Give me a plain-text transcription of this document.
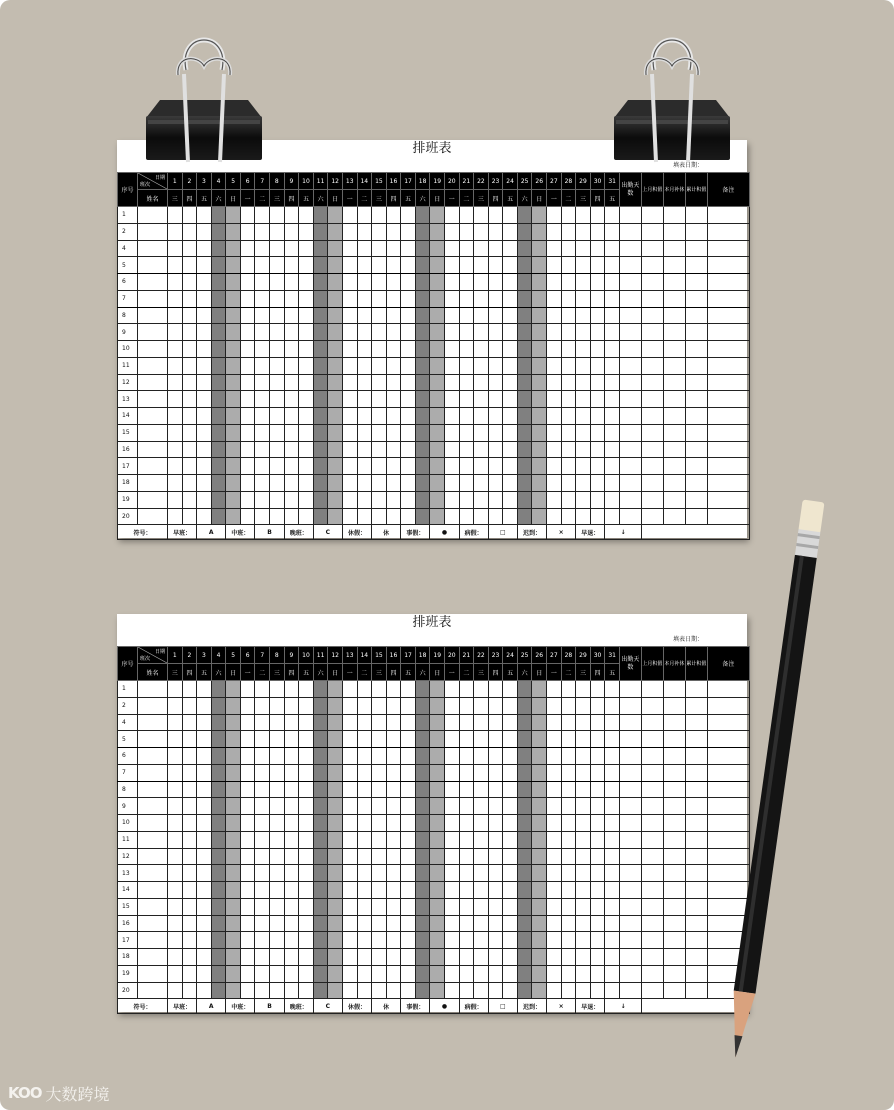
排班表
填表日期：
序号	日期
班次	1	2	3	4	5	6	7	8	9	10	11	12	13	14	15	16	17	18	19	20	21	22	23	24	25	26	27	28	29	30	31	出勤天数	上月积假	本月补休	累计积假	备注
	姓名	三	四	五	六	日	一	二	三	四	五	六	日	一	二	三	四	五	六	日	一	二	三	四	五	六	日	一	二	三	四	五					
1																																					
2																																					
4																																					
5																																					
6																																					
7																																					
8																																					
9																																					
10																																					
11																																					
12																																					
13																																					
14																																					
15																																					
16																																					
17																																					
18																																					
19																																					
20																																					
符号：		早班：		A		中班：		B		晚班：		C		休假：		休		事假：		●		病假：		□		迟到：		×		早退：		↓					
排班表
填表日期：
序号	日期
班次	1	2	3	4	5	6	7	8	9	10	11	12	13	14	15	16	17	18	19	20	21	22	23	24	25	26	27	28	29	30	31	出勤天数	上月积假	本月补休	累计积假	备注
	姓名	三	四	五	六	日	一	二	三	四	五	六	日	一	二	三	四	五	六	日	一	二	三	四	五	六	日	一	二	三	四	五					
1																																					
2																																					
4																																					
5																																					
6																																					
7																																					
8																																					
9																																					
10																																					
11																																					
12																																					
13																																					
14																																					
15																																					
16																																					
17																																					
18																																					
19																																					
20																																					
符号：		早班：		A		中班：		B		晚班：		C		休假：		休		事假：		●		病假：		□		迟到：		×		早退：		↓					
KOO 大数跨境
